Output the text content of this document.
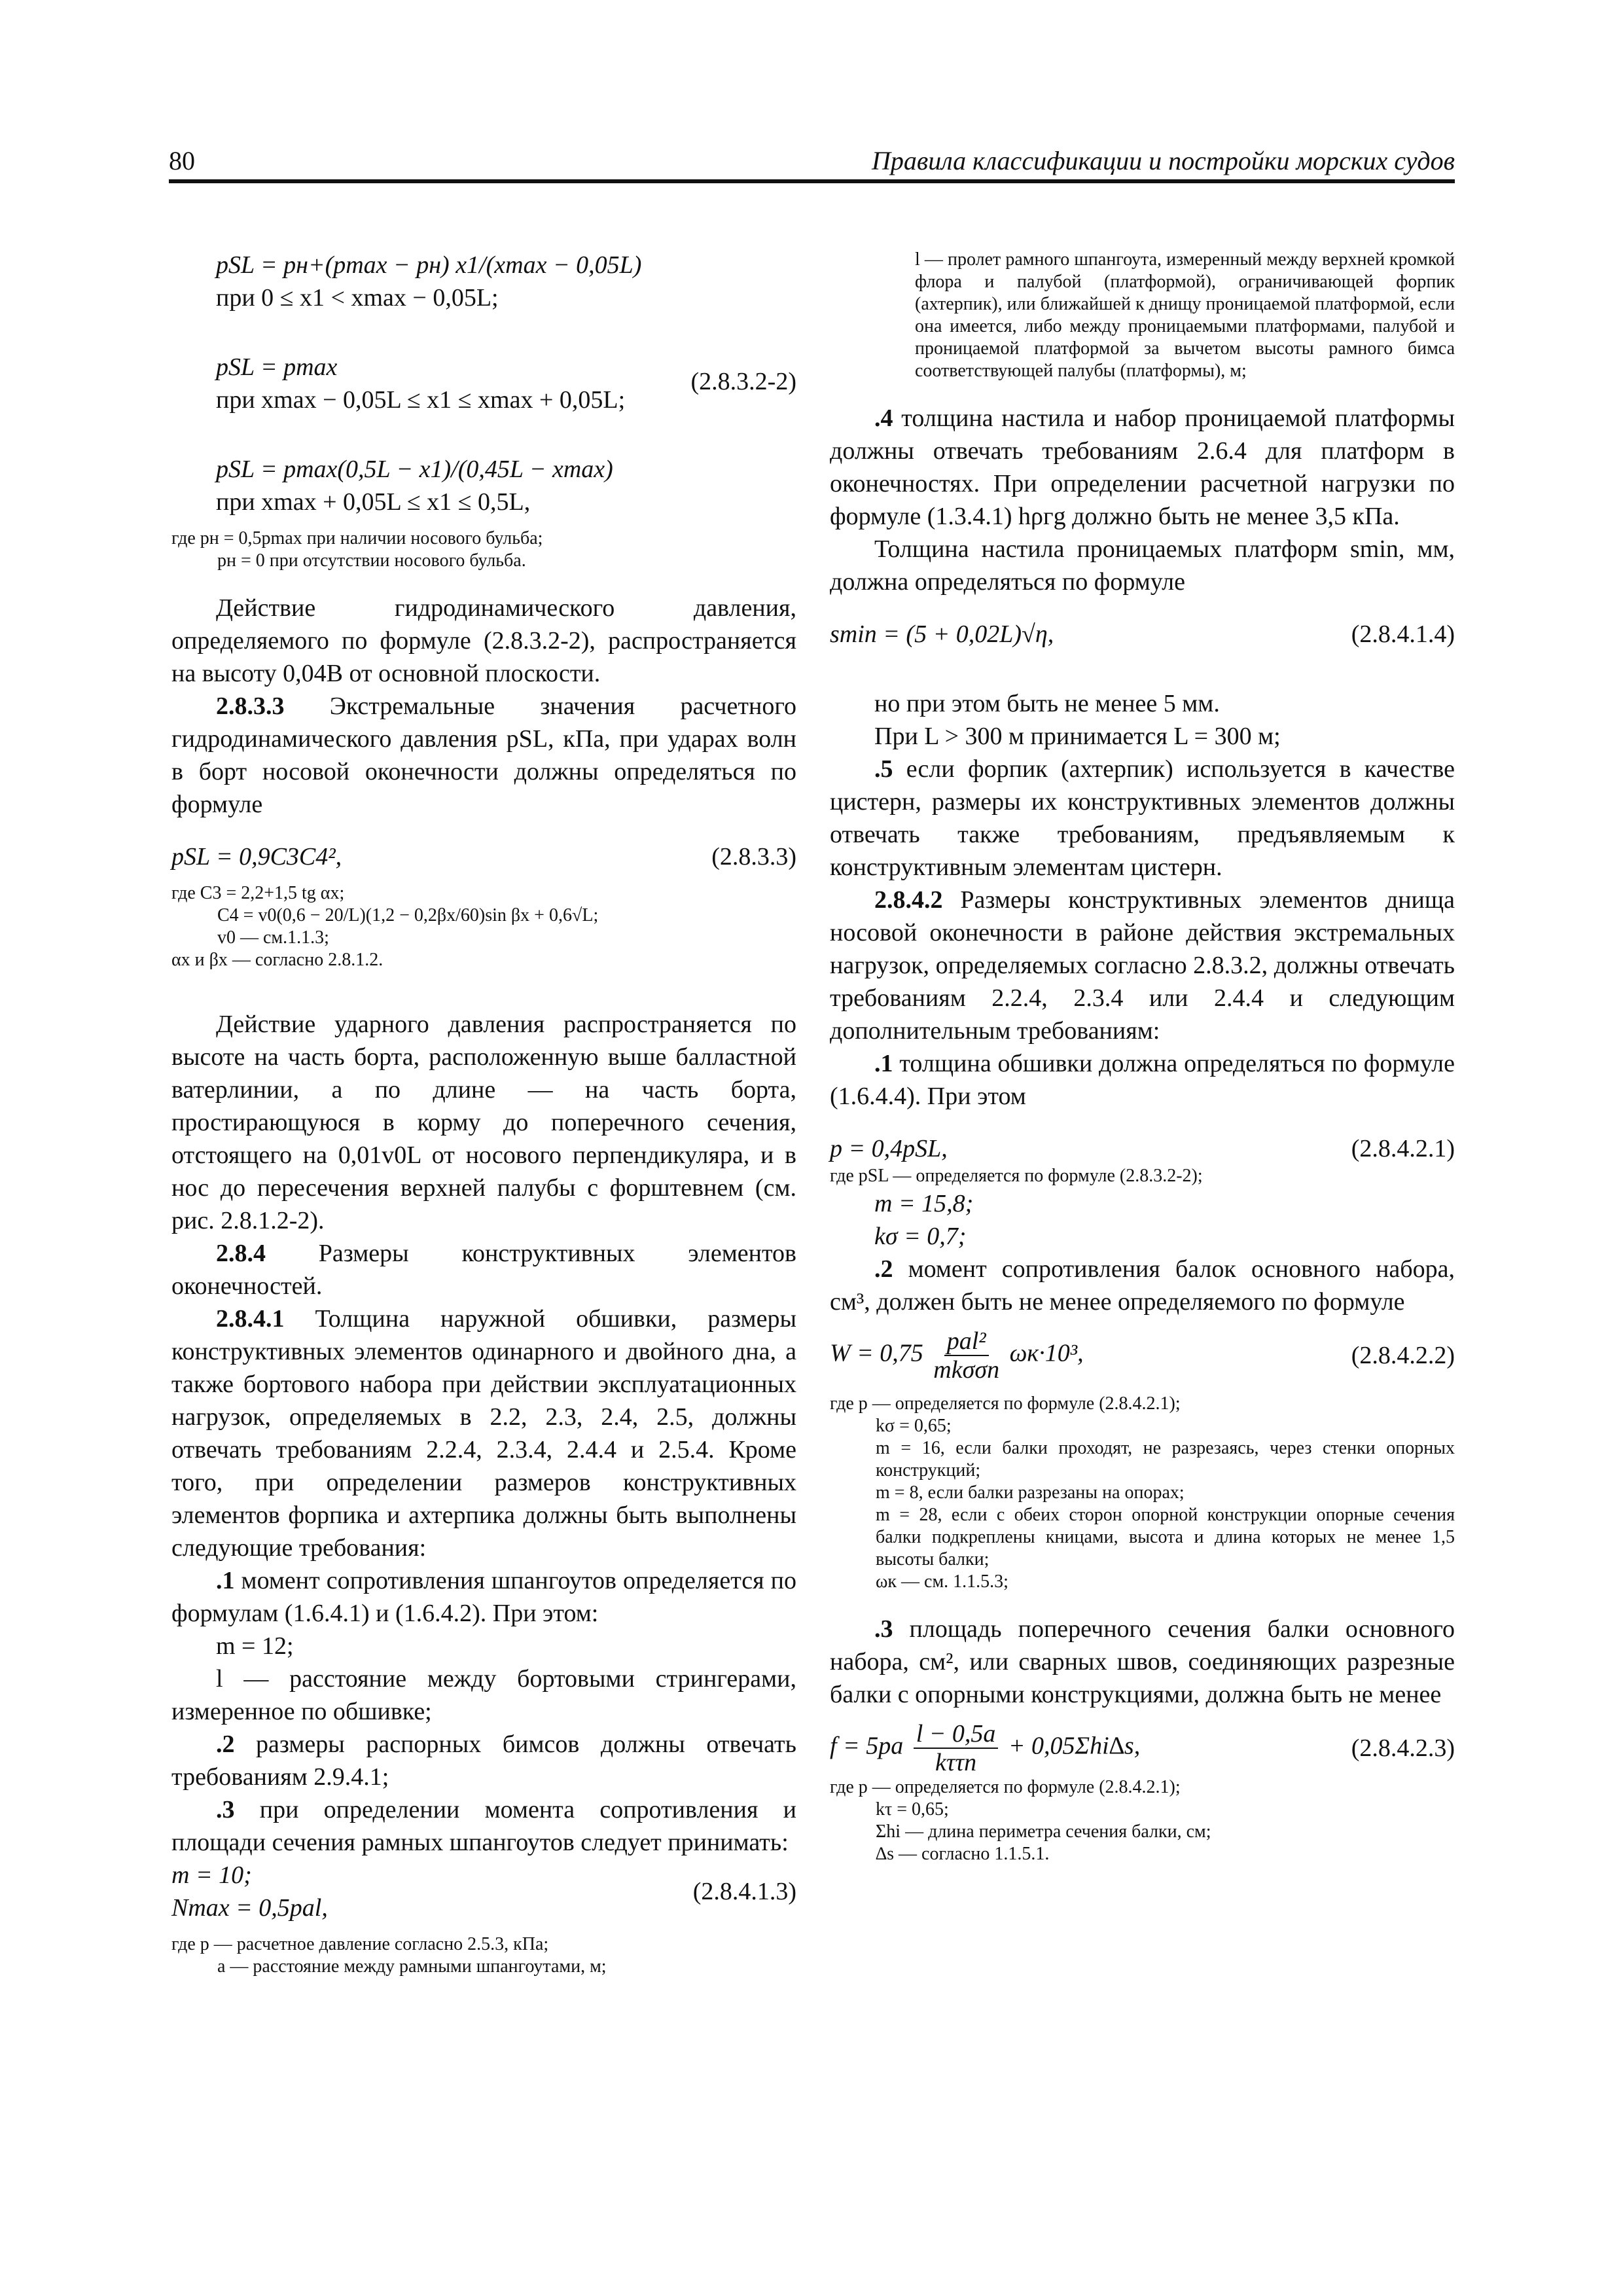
80	Правила классификации и постройки морских судов

pSL = pн+(pmax − pн) x1/(xmax − 0,05L)

при 0 ≤ x1 < xmax − 0,05L;

pSL = pmax

при xmax − 0,05L ≤ x1 ≤ xmax + 0,05L;

(2.8.3.2-2)

pSL = pmax(0,5L − x1)/(0,45L − xmax)

при xmax + 0,05L ≤ x1 ≤ 0,5L,

где pн = 0,5pmax при наличии носового бульба;

pн = 0 при отсутствии носового бульба.

Действие гидродинамического давления, определяемого по формуле (2.8.3.2-2), распространяется на высоту 0,04B от основной плоскости.

2.8.3.3 Экстремальные значения расчетного гидродинамического давления pSL, кПа, при ударах волн в борт носовой оконечности должны определяться по формуле

pSL = 0,9C3C4²,	(2.8.3.3)

где C3 = 2,2+1,5 tg αx;

C4 = v0(0,6 − 20/L)(1,2 − 0,2βx/60)sin βx + 0,6√L;

v0 — см.1.1.3;

αx и βx — согласно 2.8.1.2.

Действие ударного давления распространяется по высоте на часть борта, расположенную выше балластной ватерлинии, а по длине — на часть борта, простирающуюся в корму до поперечного сечения, отстоящего на 0,01v0L от носового перпендикуляра, и в нос до пересечения верхней палубы с форштевнем (см. рис. 2.8.1.2-2).

2.8.4 Размеры конструктивных элементов оконечностей.

2.8.4.1 Толщина наружной обшивки, размеры конструктивных элементов одинарного и двойного дна, а также бортового набора при действии эксплуатационных нагрузок, определяемых в 2.2, 2.3, 2.4, 2.5, должны отвечать требованиям 2.2.4, 2.3.4, 2.4.4 и 2.5.4. Кроме того, при определении размеров конструктивных элементов форпика и ахтерпика должны быть выполнены следующие требования:

.1 момент сопротивления шпангоутов определяется по формулам (1.6.4.1) и (1.6.4.2). При этом:

m = 12;

l — расстояние между бортовыми стрингерами, измеренное по обшивке;

.2 размеры распорных бимсов должны отвечать требованиям 2.9.4.1;

.3 при определении момента сопротивления и площади сечения рамных шпангоутов следует принимать:

m = 10;

Nmax = 0,5pal,

(2.8.4.1.3)

где p — расчетное давление согласно 2.5.3, кПа;

a — расстояние между рамными шпангоутами, м;

l — пролет рамного шпангоута, измеренный между верхней кромкой флора и палубой (платформой), ограничивающей форпик (ахтерпик), или ближайшей к днищу проницаемой платформой, если она имеется, либо между проницаемыми платформами, палубой и проницаемой платформой за вычетом высоты рамного бимса соответствующей палубы (платформы), м;

.4 толщина настила и набор проницаемой платформы должны отвечать требованиям 2.6.4 для платформ в оконечностях. При определении расчетной нагрузки по формуле (1.3.4.1) hρгg должно быть не менее 3,5 кПа.

Толщина настила проницаемых платформ smin, мм, должна определяться по формуле

smin = (5 + 0,02L)√η,	(2.8.4.1.4)

но при этом быть не менее 5 мм.

При L > 300 м принимается L = 300 м;

.5 если форпик (ахтерпик) используется в качестве цистерн, размеры их конструктивных элементов должны отвечать также требованиям, предъявляемым к конструктивным элементам цистерн.

2.8.4.2 Размеры конструктивных элементов днища носовой оконечности в районе действия экстремальных нагрузок, определяемых согласно 2.8.3.2, должны отвечать требованиям 2.2.4, 2.3.4 или 2.4.4 и следующим дополнительным требованиям:

.1 толщина обшивки должна определяться по формуле (1.6.4.4). При этом

p = 0,4pSL,	(2.8.4.2.1)

где pSL — определяется по формуле (2.8.3.2-2);

m = 15,8;

kσ = 0,7;

.2 момент сопротивления балок основного набора, см³, должен быть не менее определяемого по формуле

$W = 0,75 \frac{\text{pal²}}{\text{mkσσn}} \omega к\cdot 10^3$,	(2.8.4.2.2)

где p — определяется по формуле (2.8.4.2.1);

kσ = 0,65;

m = 16, если балки проходят, не разрезаясь, через стенки опорных конструкций;

m = 8, если балки разрезаны на опорах;

m = 28, если с обеих сторон опорной конструкции опорные сечения балки подкреплены кницами, высота и длина которых не менее 1,5 высоты балки;

ωк — см. 1.1.5.3;

.3 площадь поперечного сечения балки основного набора, см², или сварных швов, соединяющих разрезные балки с опорными конструкциями, должна быть не менее

$f = 5pa \frac{l - 0,5a}{\text{kττn}} + 0,05\Sigma hi\Delta s$,	(2.8.4.2.3)

где p — определяется по формуле (2.8.4.2.1);

kτ = 0,65;

Σhi — длина периметра сечения балки, см;

∆s — согласно 1.1.5.1.
